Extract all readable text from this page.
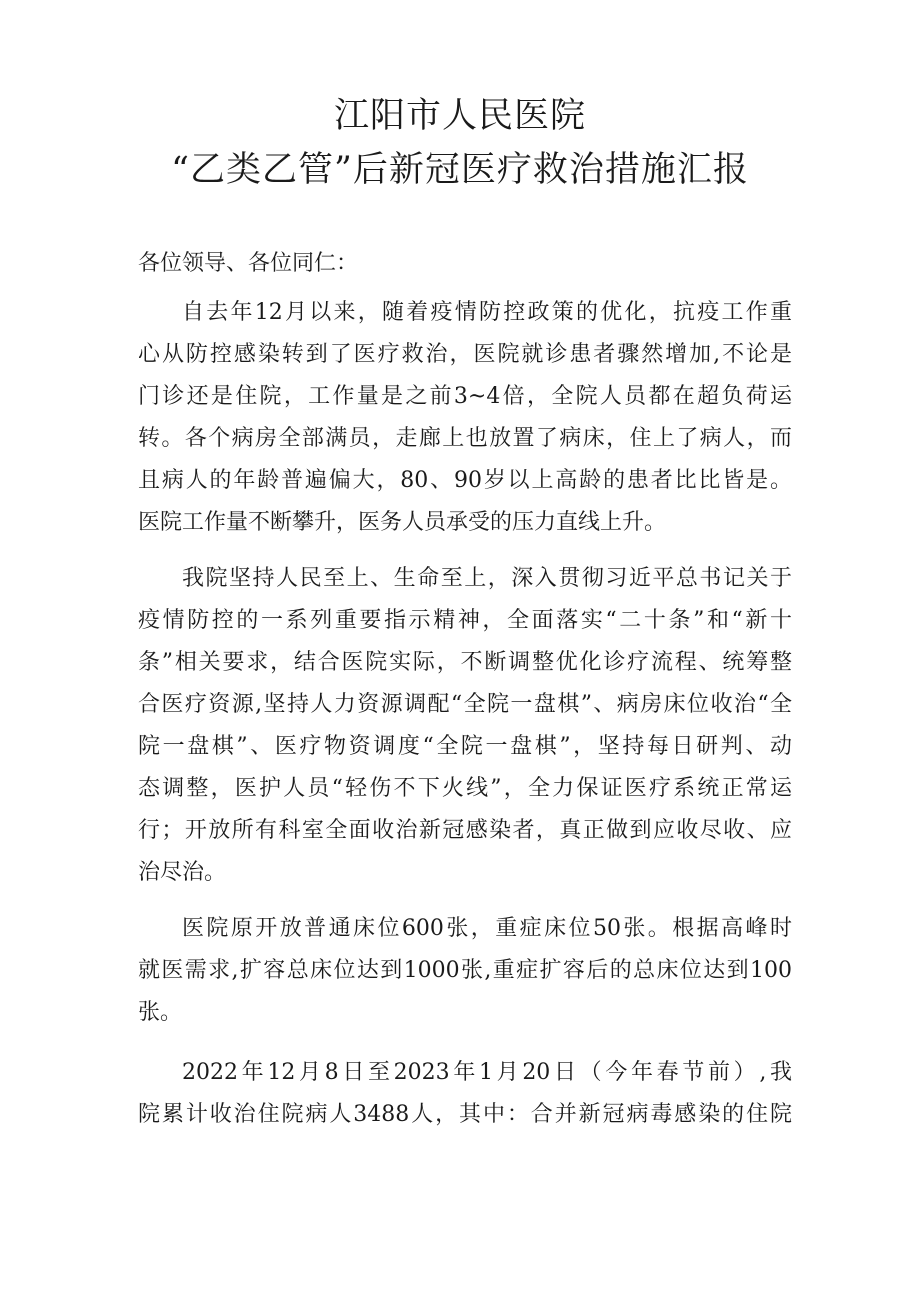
江阳市人民医院
“乙类乙管”后新冠医疗救治措施汇报
各位领导、各位同仁：
自去年12月以来，随着疫情防控政策的优化，抗疫工作重
心从防控感染转到了医疗救治，医院就诊患者骤然增加,不论是
门诊还是住院，工作量是之前3~4倍，全院人员都在超负荷运
转。各个病房全部满员，走廊上也放置了病床，住上了病人，而
且病人的年龄普遍偏大，80、90岁以上高龄的患者比比皆是。
医院工作量不断攀升，医务人员承受的压力直线上升。
我院坚持人民至上、生命至上，深入贯彻习近平总书记关于
疫情防控的一系列重要指示精神，全面落实“二十条”和“新十
条”相关要求，结合医院实际，不断调整优化诊疗流程、统筹整
合医疗资源,坚持人力资源调配“全院一盘棋”、病房床位收治“全
院一盘棋”、医疗物资调度“全院一盘棋”，坚持每日研判、动
态调整，医护人员“轻伤不下火线”，全力保证医疗系统正常运
行；开放所有科室全面收治新冠感染者，真正做到应收尽收、应
治尽治。
医院原开放普通床位600张，重症床位50张。根据高峰时
就医需求,扩容总床位达到1000张,重症扩容后的总床位达到100
张。
2022年12月8日至2023年1月20日（今年春节前）,我
院累计收治住院病人3488人，其中：合并新冠病毒感染的住院
